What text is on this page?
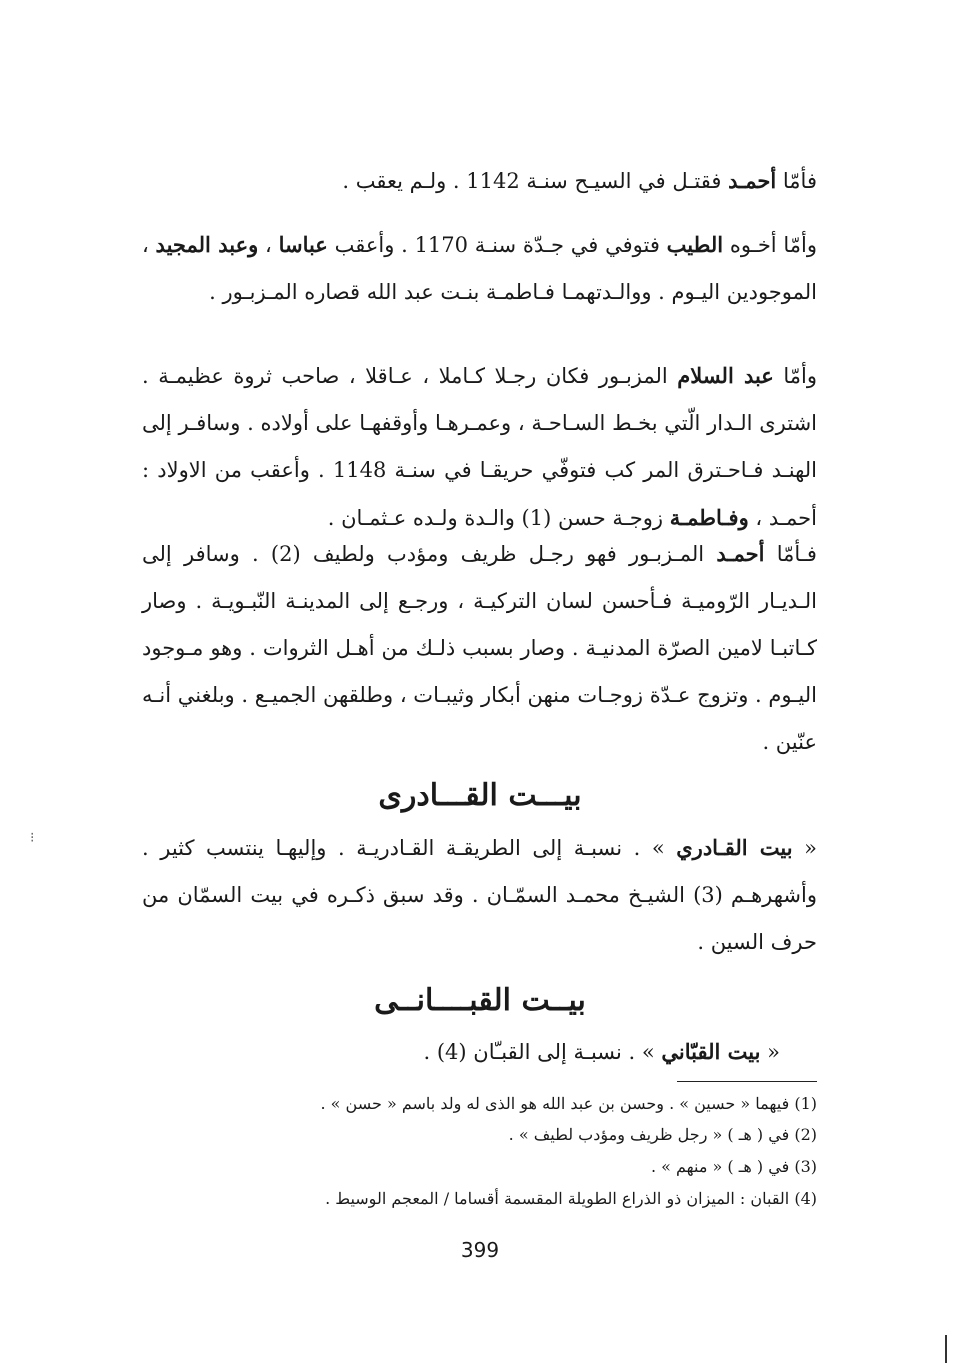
فأمّا أحمـد فقتـل في السيـح سنـة 1142 . ولـم يعقب .

وأمّا أخـوه الطيب فتوفي في جـدّة سنـة 1170 . وأعقب عباسا ، وعبد المجيد ، الموجودين اليـوم . ووالـدتهمـا فـاطمـة بنـت عبد الله قصاره المـزبـور .

وأمّا عبد السلام المزبـور فكان رجـلا كـاملا ، عـاقلا ، صاحب ثروة عظيمـة . اشترى الـدار الّتي بخـط السـاحـة ، وعمـرهـا وأوقفهـا على أولاده . وسافـر إلى الهنـد فـاحـترق المر كب فتوفّي حريقـا في سنـة 1148 . وأعقب من الاولاد : أحمـد ، وفـاطمـة زوجـة حسن (1) والـدة ولـده عـثمـان .

فـأمّا أحمـد المـزبـور فهو رجـل ظريف ومؤدب ولطيف (2) . وسافر إلى الـديـار الرّوميـة فـأحسن لسان التركيـة ، ورجـع إلى المدينـة النّبـويـة . وصار كـاتبـا لامين الصرّة المدنيـة . وصار بسبب ذلـك من أهـل الثروات . وهو مـوجود اليـوم . وتزوج عـدّة زوجـات منهن أبكار وثيبـات ، وطلقهن الجميـع . وبلغني أنـه عنّين .

بيـــت القـــادرى

« بيت القـادري » . نسبـة إلى الطريقـة القـادريـة . وإليهـا ينتسب كثير . وأشهرهـم (3) الشيـخ محمـد السمّـان . وقد سبق ذكـره في بيت السمّان من حرف السين .

بيــت القبــــانــى

« بيت القبّاني » . نسبـة إلى القبـّان (4) .

(1) فيهما « حسين » . وحسن بن عبد الله هو الذى له ولد باسم « حسن » .

(2) في ( هـ ) « رجل ظريف ومؤدب لطيف » .

(3) في ( هـ ) « منهم » .

(4) القبان : الميزان ذو الذراع الطويلة المقسمة أقساما / المعجم الوسيط .

399
⁝
